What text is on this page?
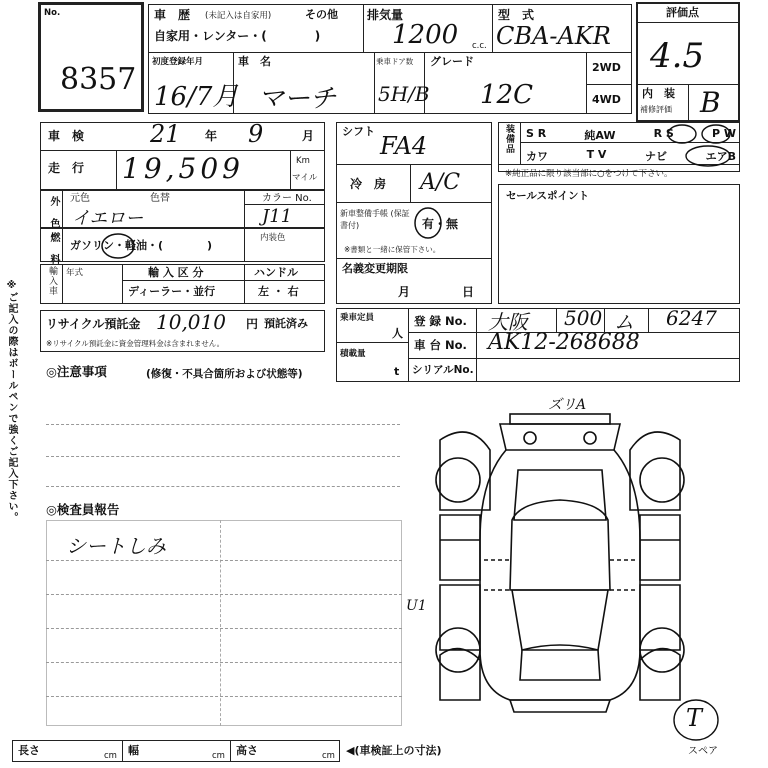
No.
8357
車　歴 (未記入は自家用)	その他
自家用・レンター・(　　　　)
排気量
1200 c.c.
型　式
CBA-AKR
初度登録年月
16/7月
車　名
マーチ
乗車ドア数
5H/B
グレード
12C
2WD
4WD
評価点
4.5
内　装
補修評価 B
車　検	21 年 9	月
走　行 19,509	Km
マイル
外　色 元色	色替
イエロー
カラー No.
J11
燃　料 ガソリン・軽油・(　　　　)
内装色
輸入車 年式	輸 入 区 分
ディーラー・並行
ハンドル
左 ・ 右
リサイクル預託金 10,010 円 預託済み
※リサイクル預託金に資金管理料金は含まれません。
シフト
FA4
冷　房 A/C
新車整備手帳 (保証書付)	有・無
※書類と一緒に保管下さい。
名義変更期限
月	日
装備品 S R	純AW	R S	P W
カワ	T V	ナビ	エアB
※純正品に限り該当部に○をつけて下さい。
セールスポイント
乗車定員
人
積載量
t
登 録 No. 大阪 500 ム 6247
車 台 No. AK12-268688
シリアルNo.
◎注意事項	(修復・不具合箇所および状態等)
◎検査員報告
シートしみ
ズリA
U1
T
スペア
長さ	cm 幅	cm 高さ	cm ◀(車検証上の寸法)
※ご記入の際はボールペンで強くご記入下さい。
